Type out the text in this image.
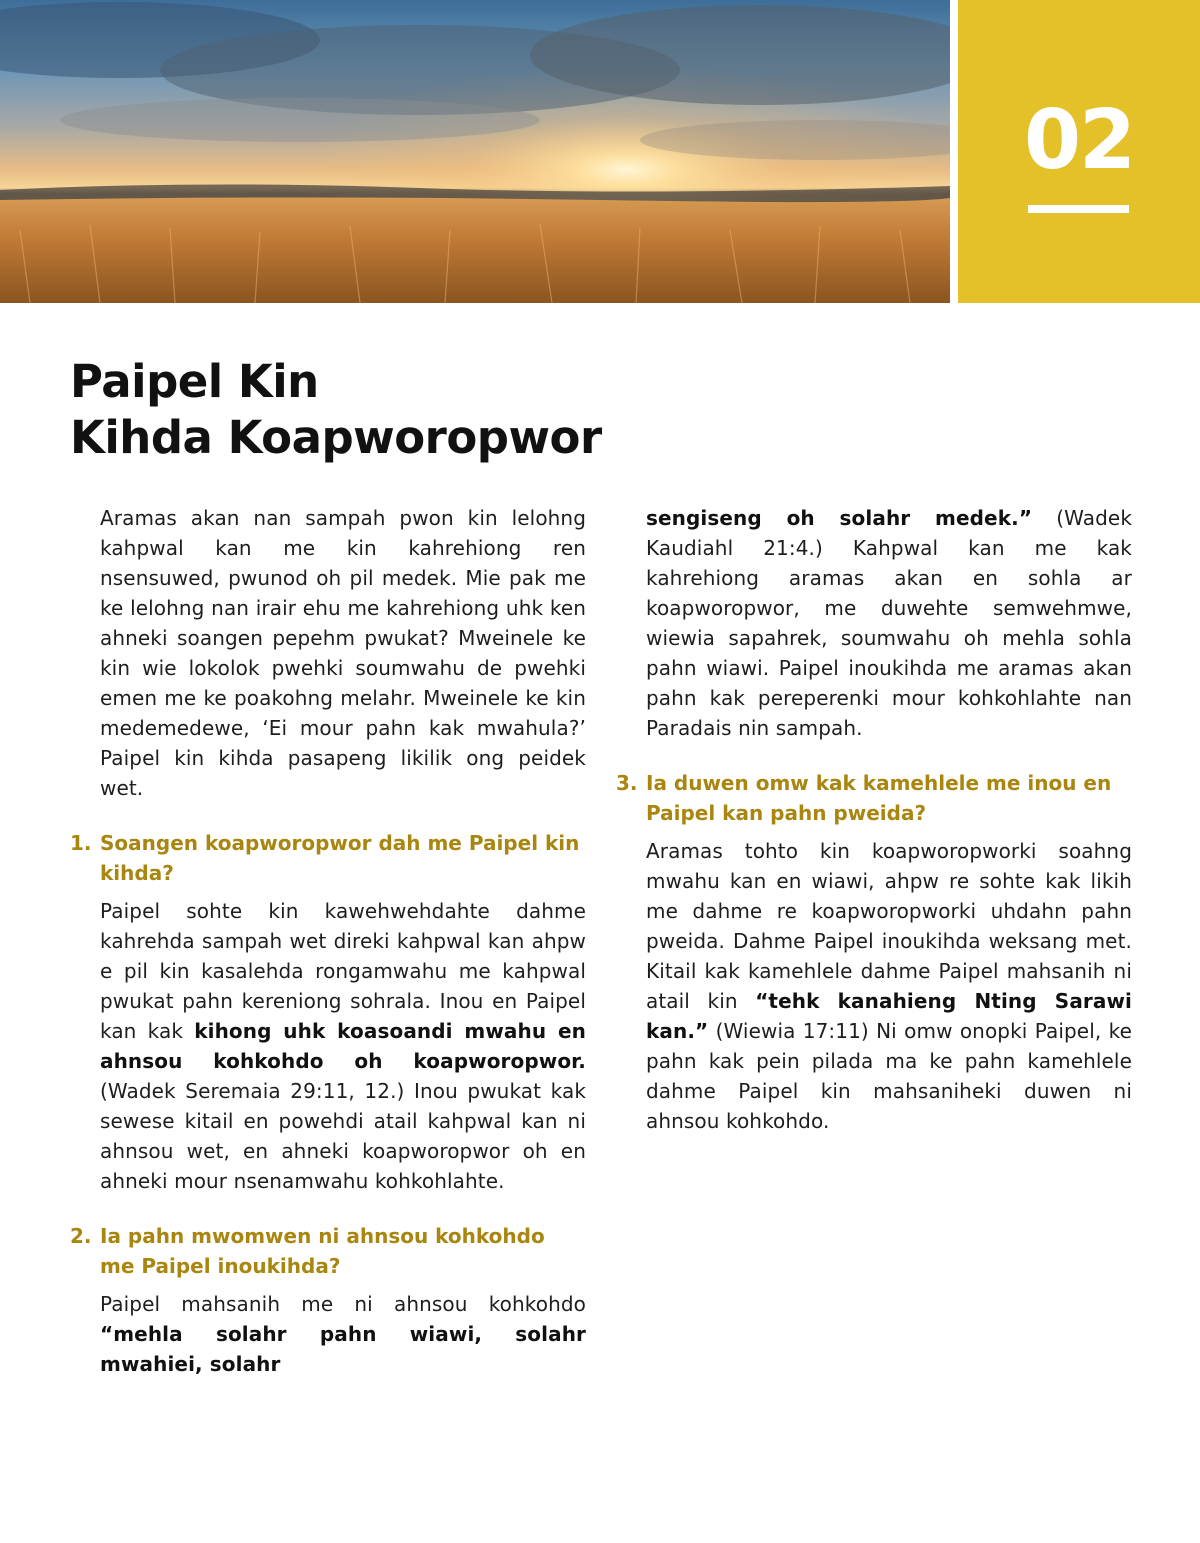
02
Paipel Kin
Kihda Koapworopwor

Aramas akan nan sampah pwon kin lelohng kahpwal kan me kin kahrehiong ren nsensuwed, pwunod oh pil medek. Mie pak me ke lelohng nan irair ehu me kahrehiong uhk ken ahneki soangen pepehm pwukat? Mweinele ke kin wie lokolok pwehki soumwahu de pwehki emen me ke poakohng melahr. Mweinele ke kin medemedewe, ‘Ei mour pahn kak mwahula?’ Paipel kin kihda pasapeng likilik ong peidek wet.

1. Soangen koapworopwor dah me Paipel kin kihda?

Paipel sohte kin kawehwehdahte dahme kahrehda sampah wet direki kahpwal kan ahpw e pil kin kasalehda rongamwahu me kahpwal pwukat pahn kereniong sohrala. Inou en Paipel kan kak kihong uhk koasoandi mwahu en ahnsou kohkohdo oh koapworopwor. (Wadek Seremaia 29:11, 12.) Inou pwukat kak sewese kitail en powehdi atail kahpwal kan ni ahnsou wet, en ahneki koapworopwor oh en ahneki mour nsenamwahu kohkohlahte.

2. Ia pahn mwomwen ni ahnsou kohkohdo me Paipel inoukihda?

Paipel mahsanih me ni ahnsou kohkohdo “mehla solahr pahn wiawi, solahr mwahiei, solahr

sengiseng oh solahr medek.” (Wadek Kaudiahl 21:4.) Kahpwal kan me kak kahrehiong aramas akan en sohla ar koapworopwor, me duwehte semwehmwe, wiewia sapahrek, soumwahu oh mehla sohla pahn wiawi. Paipel inoukihda me aramas akan pahn kak pereperenki mour kohkohlahte nan Paradais nin sampah.

3. Ia duwen omw kak kamehlele me inou en Paipel kan pahn pweida?

Aramas tohto kin koapworopworki soahng mwahu kan en wiawi, ahpw re sohte kak likih me dahme re koapworopworki uhdahn pahn pweida. Dahme Paipel inoukihda weksang met. Kitail kak kamehlele dahme Paipel mahsanih ni atail kin “tehk kanahieng Nting Sarawi kan.” (Wiewia 17:11) Ni omw onopki Paipel, ke pahn kak pein pilada ma ke pahn kamehlele dahme Paipel kin mahsaniheki duwen ni ahnsou kohkohdo.
